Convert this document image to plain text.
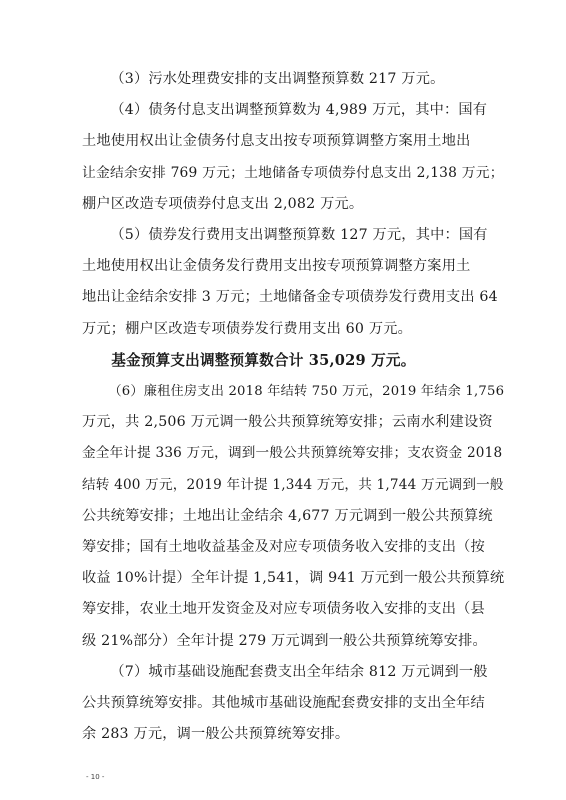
（3）污水处理费安排的支出调整预算数 217 万元。

（4）债务付息支出调整预算数为 4,989 万元，其中：国有
土地使用权出让金债务付息支出按专项预算调整方案用土地出
让金结余安排 769 万元；土地储备专项债券付息支出 2,138 万元；
棚户区改造专项债券付息支出 2,082 万元。

（5）债券发行费用支出调整预算数 127 万元，其中：国有
土地使用权出让金债务发行费用支出按专项预算调整方案用土
地出让金结余安排 3 万元；土地储备金专项债券发行费用支出 64
万元；棚户区改造专项债券发行费用支出 60 万元。

基金预算支出调整预算数合计 35,029 万元。

（6）廉租住房支出 2018 年结转 750 万元，2019 年结余 1,756
万元，共 2,506 万元调一般公共预算统筹安排；云南水利建设资
金全年计提 336 万元，调到一般公共预算统筹安排；支农资金 2018
结转 400 万元，2019 年计提 1,344 万元，共 1,744 万元调到一般
公共统筹安排；土地出让金结余 4,677 万元调到一般公共预算统
筹安排；国有土地收益基金及对应专项债务收入安排的支出（按
收益 10%计提）全年计提 1,541，调 941 万元到一般公共预算统
筹安排，农业土地开发资金及对应专项债务收入安排的支出（县
级 21%部分）全年计提 279 万元调到一般公共预算统筹安排。

（7）城市基础设施配套费支出全年结余 812 万元调到一般
公共预算统筹安排。其他城市基础设施配套费安排的支出全年结
余 283 万元，调一般公共预算统筹安排。

- 10 -
